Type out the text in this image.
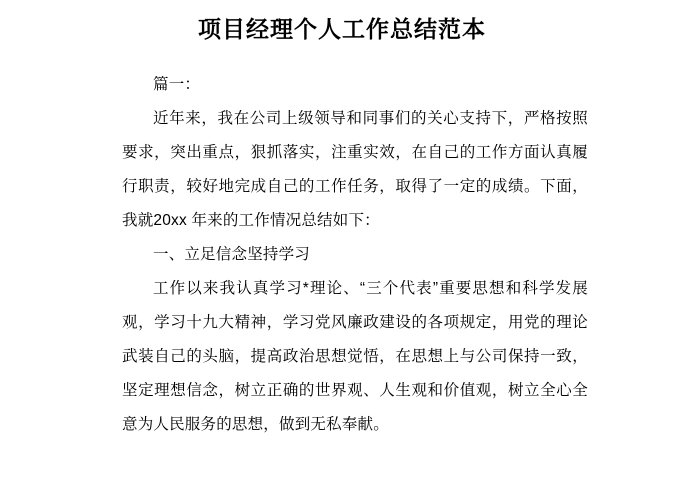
项目经理个人工作总结范本

篇一：

近年来，我在公司上级领导和同事们的关心支持下，严格按照要求，突出重点，狠抓落实，注重实效，在自己的工作方面认真履行职责，较好地完成自己的工作任务，取得了一定的成绩。下面，我就20xx 年来的工作情况总结如下：

一、立足信念坚持学习

工作以来我认真学习*理论、“三个代表”重要思想和科学发展观，学习十九大精神，学习党风廉政建设的各项规定，用党的理论武装自己的头脑，提高政治思想觉悟，在思想上与公司保持一致，坚定理想信念，树立正确的世界观、人生观和价值观，树立全心全意为人民服务的思想，做到无私奉献。
